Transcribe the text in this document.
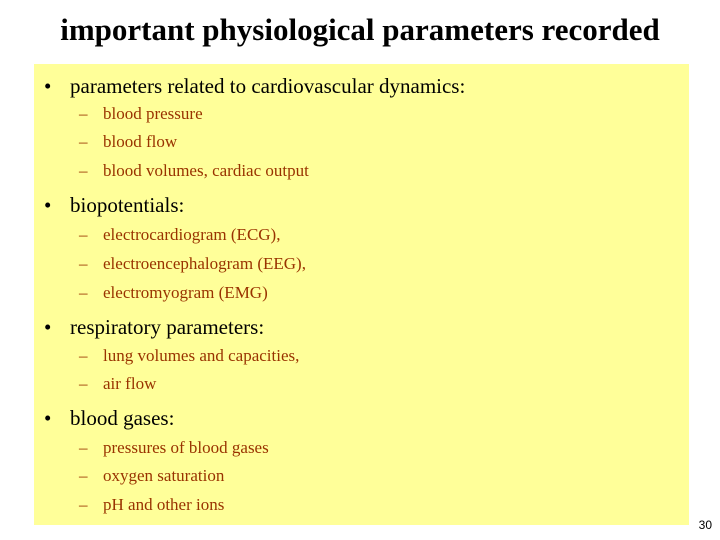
important physiological parameters recorded
• parameters related to cardiovascular dynamics:
– blood pressure
– blood flow
– blood volumes, cardiac output
• biopotentials:
– electrocardiogram (ECG),
– electroencephalogram (EEG),
– electromyogram (EMG)
• respiratory parameters:
– lung volumes and capacities,
– air flow
• blood gases:
– pressures of blood gases
– oxygen saturation
– pH and other ions
30
